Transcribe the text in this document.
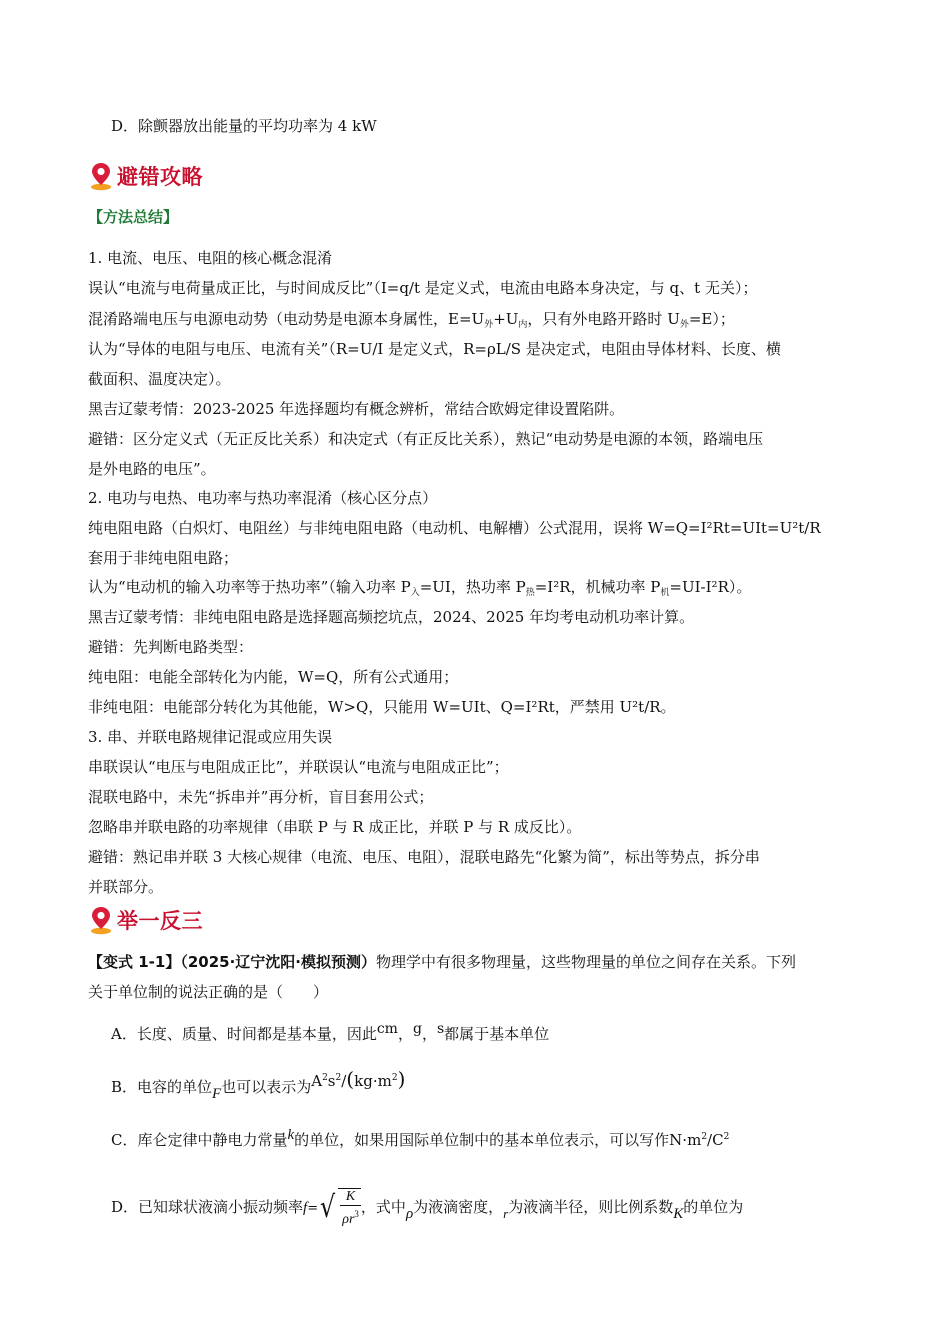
D．除颤器放出能量的平均功率为 4 kW
避错攻略
【方法总结】
1. 电流、电压、电阻的核心概念混淆
误认“电流与电荷量成正比，与时间成反比”（I=q/t 是定义式，电流由电路本身决定，与 q、t 无关）；
混淆路端电压与电源电动势（电动势是电源本身属性，$E=U_外+U_内$，只有外电路开路时 $U_外=E$）；
认为“导体的电阻与电压、电流有关”（R=U/I 是定义式，R=ρL/S 是决定式，电阻由导体材料、长度、横
截面积、温度决定）。
黑吉辽蒙考情：2023-2025 年选择题均有概念辨析，常结合欧姆定律设置陷阱。
避错：区分定义式（无正反比关系）和决定式（有正反比关系），熟记“电动势是电源的本领，路端电压
是外电路的电压”。
2. 电功与电热、电功率与热功率混淆（核心区分点）
纯电阻电路（白炽灯、电阻丝）与非纯电阻电路（电动机、电解槽）公式混用，误将 W=Q=I²Rt=UIt=U²t/R
套用于非纯电阻电路；
认为“电动机的输入功率等于热功率”（输入功率 $P_入=UI$，热功率 $P_热=I^2R$，机械功率 $P_机=UI-I^2R$）。
黑吉辽蒙考情：非纯电阻电路是选择题高频挖坑点，2024、2025 年均考电动机功率计算。
避错：先判断电路类型：
纯电阻：电能全部转化为内能，W=Q，所有公式通用；
非纯电阻：电能部分转化为其他能，W>Q，只能用 W=UIt、Q=I²Rt，严禁用 U²t/R。
3. 串、并联电路规律记混或应用失误
串联误认“电压与电阻成正比”，并联误认“电流与电阻成正比”；
混联电路中，未先“拆串并”再分析，盲目套用公式；
忽略串并联电路的功率规律（串联 P 与 R 成正比，并联 P 与 R 成反比）。
避错：熟记串并联 3 大核心规律（电流、电压、电阻），混联电路先“化繁为简”，标出等势点，拆分串
并联部分。
举一反三
【变式 1-1】（2025·辽宁沈阳·模拟预测）物理学中有很多物理量，这些物理量的单位之间存在关系。下列
关于单位制的说法正确的是（　　）
A．长度、质量、时间都是基本量，因此cm，g，s都属于基本单位
B．电容的单位F也可以表示为$A^2s^2/(kg\cdot m^2)$
C．库仑定律中静电力常量k的单位，如果用国际单位制中的基本单位表示，可以写作$N\cdot m^2/C^2$
D．已知球状液滴小振动频率$f=√ \frac{K}{\rho r^3}$ ，式中ρ为液滴密度，r为液滴半径，则比例系数K的单位为
